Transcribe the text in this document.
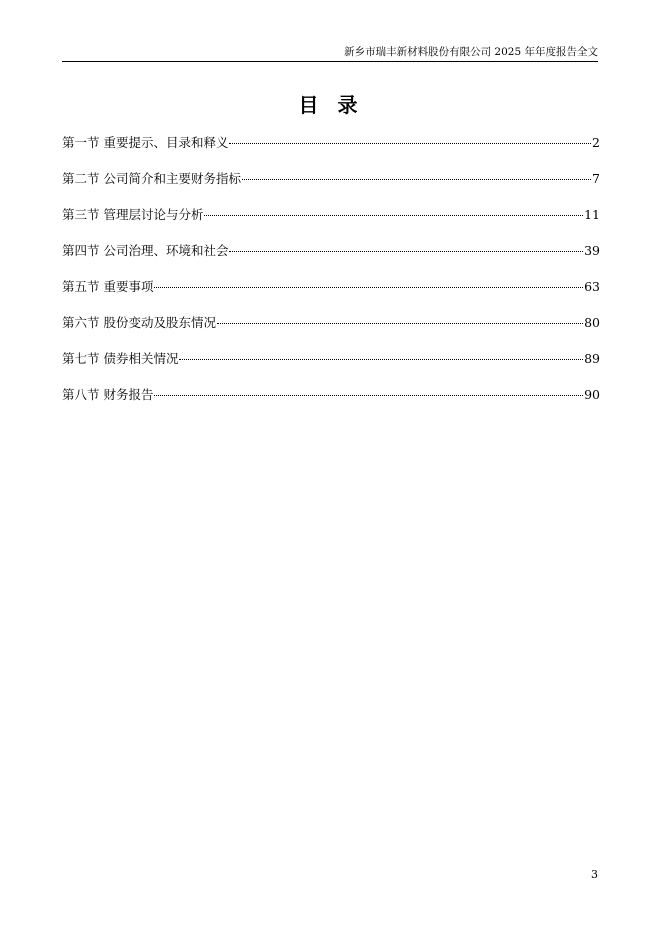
新乡市瑞丰新材料股份有限公司 2025 年年度报告全文
目 录
第一节 重要提示、目录和释义	2
第二节 公司简介和主要财务指标	7
第三节 管理层讨论与分析	11
第四节 公司治理、环境和社会	39
第五节 重要事项	63
第六节 股份变动及股东情况	80
第七节 债券相关情况	89
第八节 财务报告	90
3
